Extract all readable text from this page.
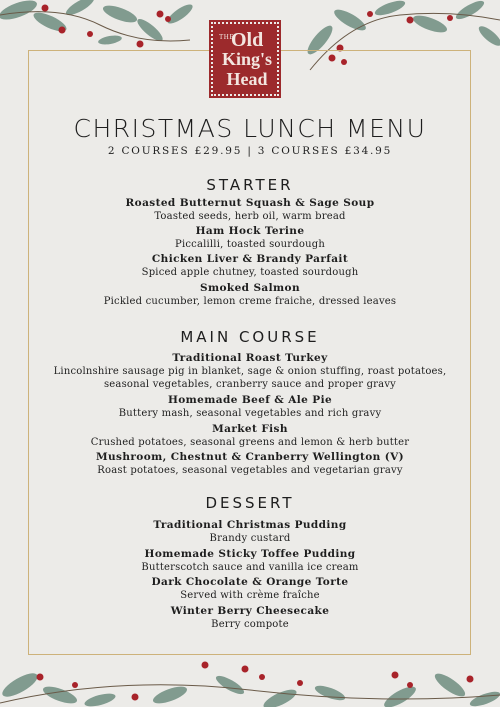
THE
Old
King's
Head
CHRISTMAS LUNCH MENU
2 COURSES £29.95 | 3 COURSES £34.95
STARTER
Roasted Butternut Squash & Sage Soup
Toasted seeds, herb oil, warm bread
Ham Hock Terine
Piccalilli, toasted sourdough
Chicken Liver & Brandy Parfait
Spiced apple chutney, toasted sourdough
Smoked Salmon
Pickled cucumber, lemon creme fraiche, dressed leaves
MAIN COURSE
Traditional Roast Turkey
Lincolnshire sausage pig in blanket, sage & onion stuffing, roast potatoes, seasonal vegetables, cranberry sauce and proper gravy
Homemade Beef & Ale Pie
Buttery mash, seasonal vegetables and rich gravy
Market Fish
Crushed potatoes, seasonal greens and lemon & herb butter
Mushroom, Chestnut & Cranberry Wellington (V)
Roast potatoes, seasonal vegetables and vegetarian gravy
DESSERT
Traditional Christmas Pudding
Brandy custard
Homemade Sticky Toffee Pudding
Butterscotch sauce and vanilla ice cream
Dark Chocolate & Orange Torte
Served with crème fraîche
Winter Berry Cheesecake
Berry compote
